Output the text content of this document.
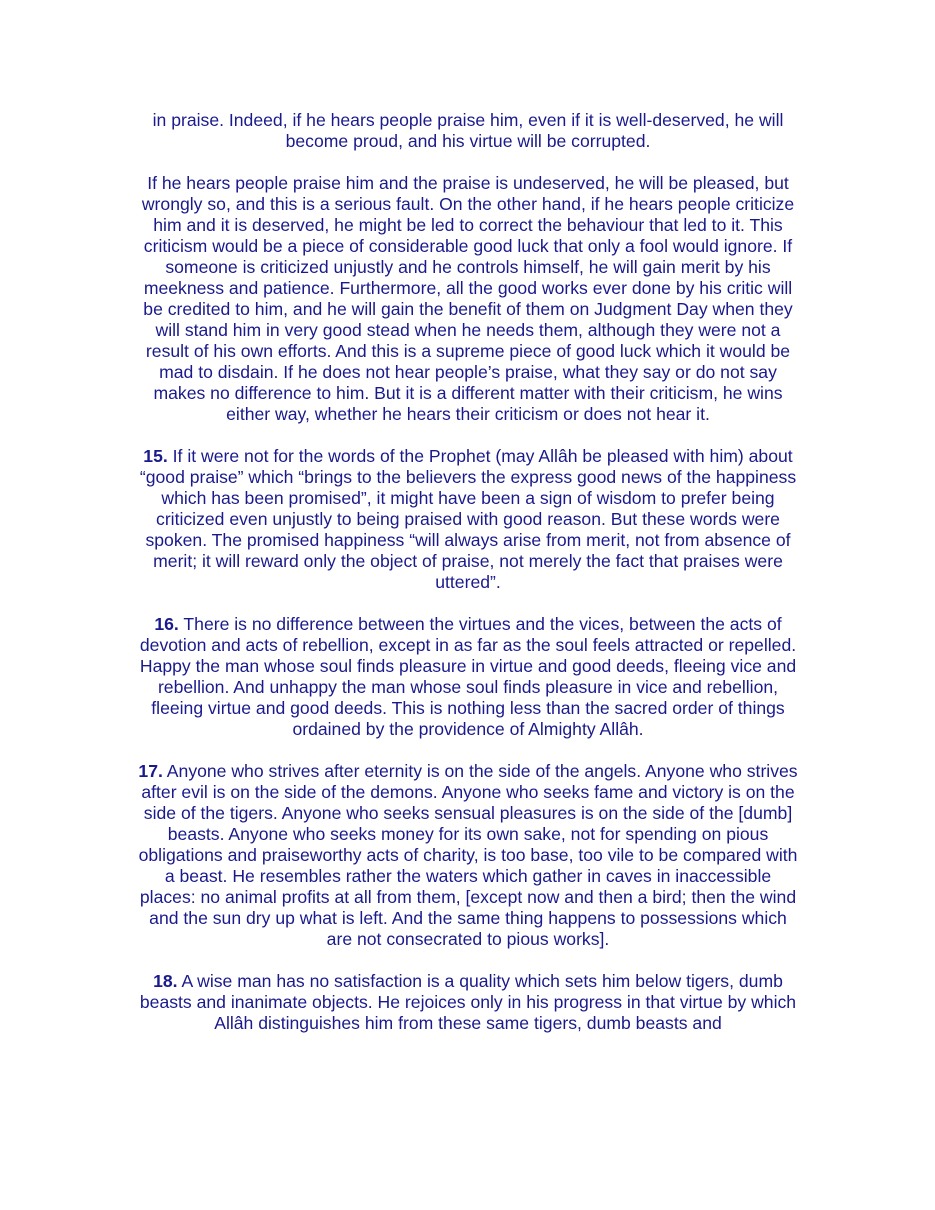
in praise. Indeed, if he hears people praise him, even if it is well-deserved, he will become proud, and his virtue will be corrupted.

If he hears people praise him and the praise is undeserved, he will be pleased, but wrongly so, and this is a serious fault. On the other hand, if he hears people criticize him and it is deserved, he might be led to correct the behaviour that led to it. This criticism would be a piece of considerable good luck that only a fool would ignore. If someone is criticized unjustly and he controls himself, he will gain merit by his meekness and patience. Furthermore, all the good works ever done by his critic will be credited to him, and he will gain the benefit of them on Judgment Day when they will stand him in very good stead when he needs them, although they were not a result of his own efforts. And this is a supreme piece of good luck which it would be mad to disdain. If he does not hear people’s praise, what they say or do not say makes no difference to him. But it is a different matter with their criticism, he wins either way, whether he hears their criticism or does not hear it.

15. If it were not for the words of the Prophet (may Allâh be pleased with him) about “good praise” which “brings to the believers the express good news of the happiness which has been promised”, it might have been a sign of wisdom to prefer being criticized even unjustly to being praised with good reason. But these words were spoken. The promised happiness “will always arise from merit, not from absence of merit; it will reward only the object of praise, not merely the fact that praises were uttered”.

16. There is no difference between the virtues and the vices, between the acts of devotion and acts of rebellion, except in as far as the soul feels attracted or repelled. Happy the man whose soul finds pleasure in virtue and good deeds, fleeing vice and rebellion. And unhappy the man whose soul finds pleasure in vice and rebellion, fleeing virtue and good deeds. This is nothing less than the sacred order of things ordained by the providence of Almighty Allâh.

17. Anyone who strives after eternity is on the side of the angels. Anyone who strives after evil is on the side of the demons. Anyone who seeks fame and victory is on the side of the tigers. Anyone who seeks sensual pleasures is on the side of the [dumb] beasts. Anyone who seeks money for its own sake, not for spending on pious obligations and praiseworthy acts of charity, is too base, too vile to be compared with a beast. He resembles rather the waters which gather in caves in inaccessible places: no animal profits at all from them, [except now and then a bird; then the wind and the sun dry up what is left. And the same thing happens to possessions which are not consecrated to pious works].

18. A wise man has no satisfaction is a quality which sets him below tigers, dumb beasts and inanimate objects. He rejoices only in his progress in that virtue by which Allâh distinguishes him from these same tigers, dumb beasts and
